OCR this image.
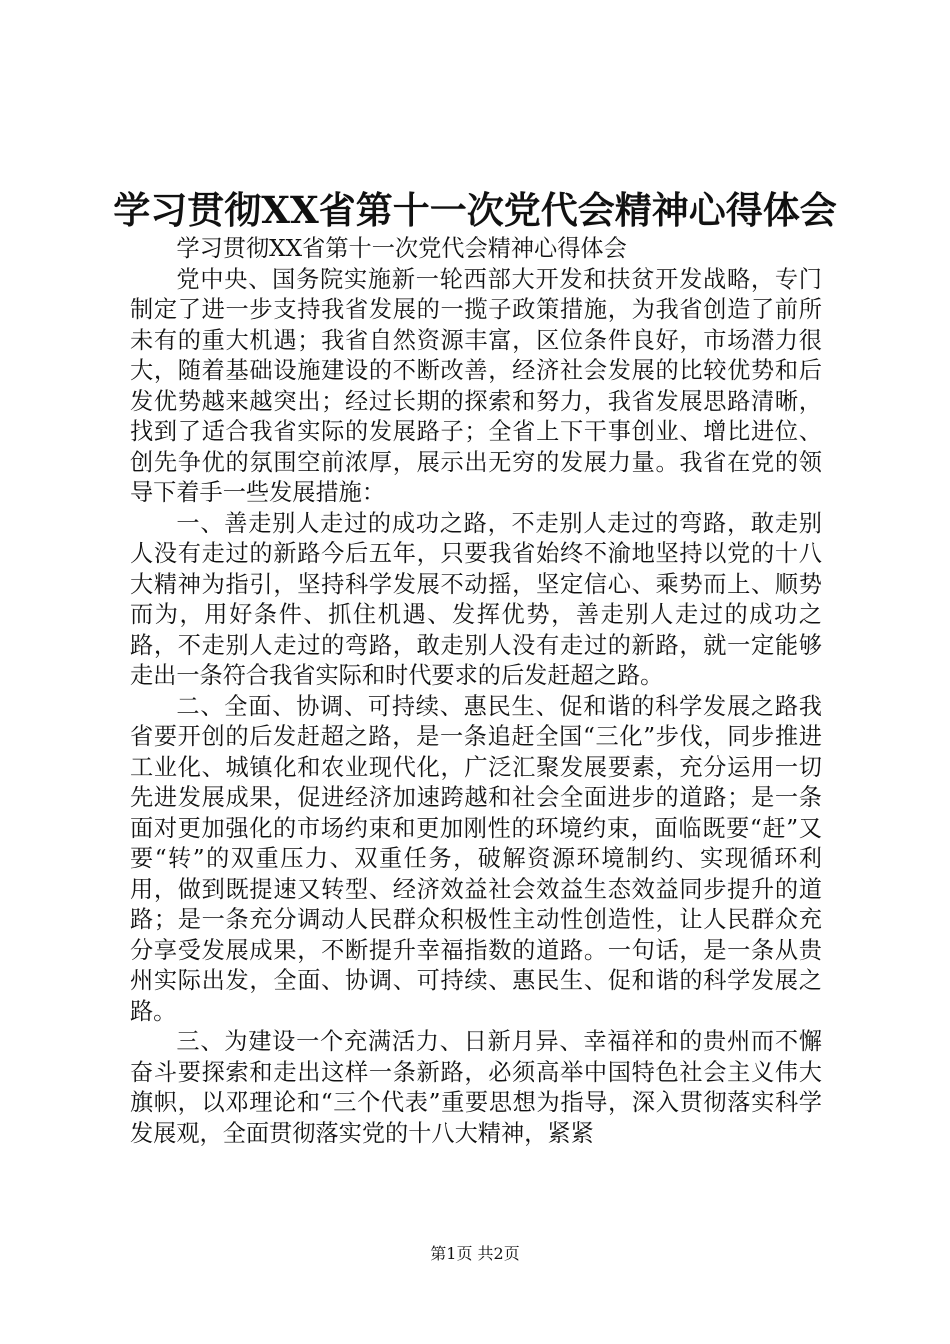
学习贯彻XX省第十一次党代会精神心得体会

学习贯彻XX省第十一次党代会精神心得体会

党中央、国务院实施新一轮西部大开发和扶贫开发战略，专门制定了进一步支持我省发展的一揽子政策措施，为我省创造了前所未有的重大机遇；我省自然资源丰富，区位条件良好，市场潜力很大，随着基础设施建设的不断改善，经济社会发展的比较优势和后发优势越来越突出；经过长期的探索和努力，我省发展思路清晰，找到了适合我省实际的发展路子；全省上下干事创业、增比进位、创先争优的氛围空前浓厚，展示出无穷的发展力量。我省在党的领导下着手一些发展措施：

一、善走别人走过的成功之路，不走别人走过的弯路，敢走别人没有走过的新路今后五年，只要我省始终不渝地坚持以党的十八大精神为指引，坚持科学发展不动摇，坚定信心、乘势而上、顺势而为，用好条件、抓住机遇、发挥优势，善走别人走过的成功之路，不走别人走过的弯路，敢走别人没有走过的新路，就一定能够走出一条符合我省实际和时代要求的后发赶超之路。

二、全面、协调、可持续、惠民生、促和谐的科学发展之路我省要开创的后发赶超之路，是一条追赶全国“三化”步伐，同步推进工业化、城镇化和农业现代化，广泛汇聚发展要素，充分运用一切先进发展成果，促进经济加速跨越和社会全面进步的道路；是一条面对更加强化的市场约束和更加刚性的环境约束，面临既要“赶”又要“转”的双重压力、双重任务，破解资源环境制约、实现循环利用，做到既提速又转型、经济效益社会效益生态效益同步提升的道路；是一条充分调动人民群众积极性主动性创造性，让人民群众充分享受发展成果，不断提升幸福指数的道路。一句话，是一条从贵州实际出发，全面、协调、可持续、惠民生、促和谐的科学发展之路。

三、为建设一个充满活力、日新月异、幸福祥和的贵州而不懈奋斗要探索和走出这样一条新路，必须高举中国特色社会主义伟大旗帜，以邓理论和“三个代表”重要思想为指导，深入贯彻落实科学发展观，全面贯彻落实党的十八大精神，紧紧

第1页 共2页
